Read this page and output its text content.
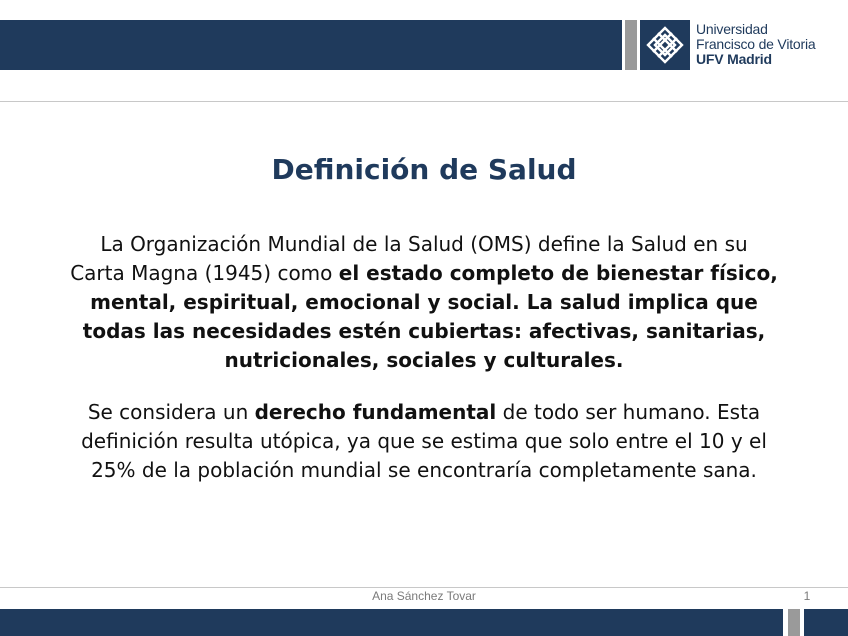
Universidad
Francisco de Vitoria
UFV Madrid
Definición de Salud
La Organización Mundial de la Salud (OMS) define la Salud en su Carta Magna (1945) como el estado completo de bienestar físico, mental, espiritual, emocional y social. La salud implica que todas las necesidades estén cubiertas: afectivas, sanitarias, nutricionales, sociales y culturales.
Se considera un derecho fundamental de todo ser humano. Esta definición resulta utópica, ya que se estima que solo entre el 10 y el 25% de la población mundial se encontraría completamente sana.
Ana Sánchez Tovar	1
